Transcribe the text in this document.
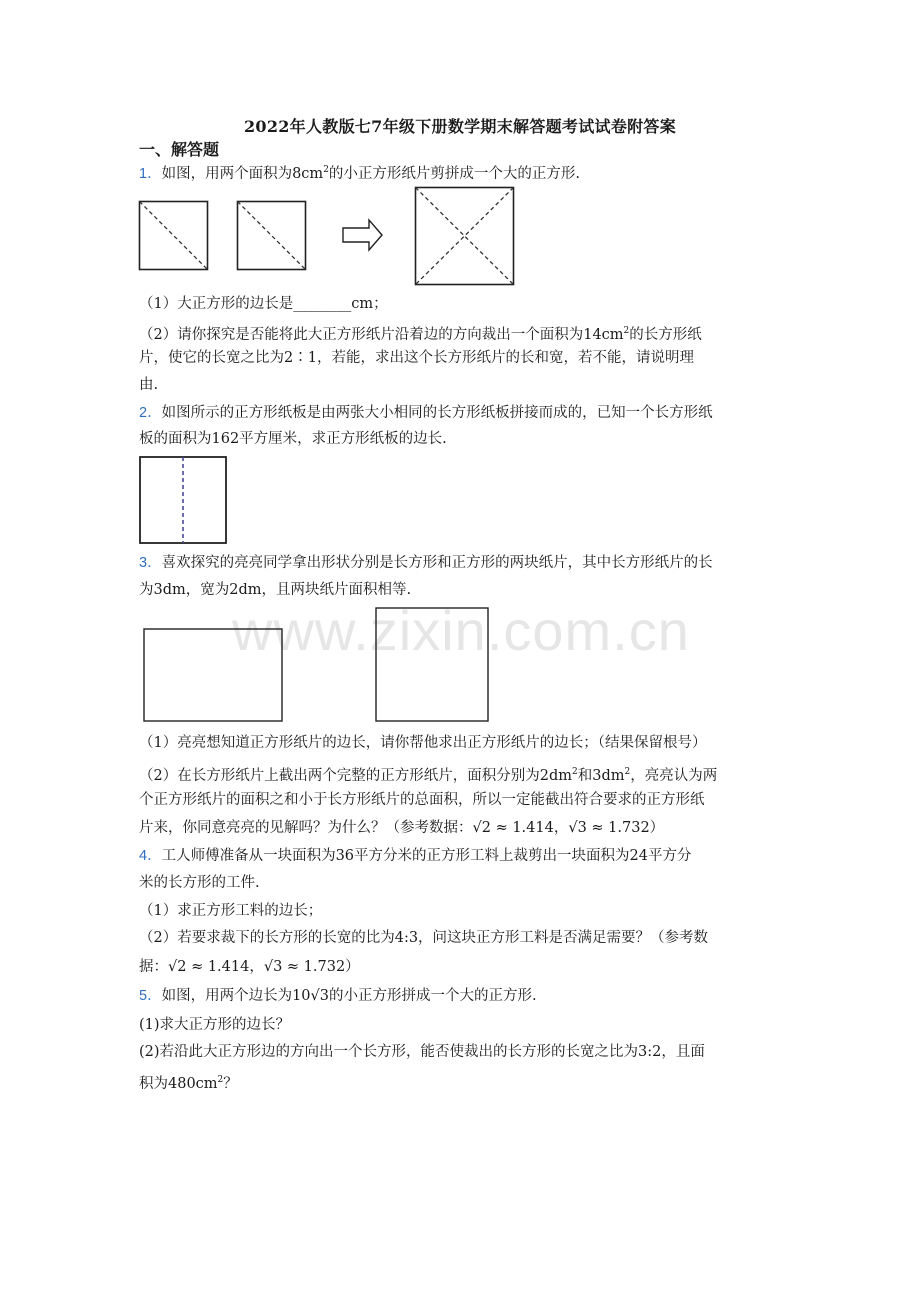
2022年人教版七7年级下册数学期末解答题考试试卷附答案
一、解答题
www.zixin.com.cn
1．如图，用两个面积为$8cm^2$的小正方形纸片剪拼成一个大的正方形.
（1）大正方形的边长是________cm；
（2）请你探究是否能将此大正方形纸片沿着边的方向裁出一个面积为$14cm^2$的长方形纸
片，使它的长宽之比为2∶1，若能，求出这个长方形纸片的长和宽，若不能，请说明理
由.
2．如图所示的正方形纸板是由两张大小相同的长方形纸板拼接而成的，已知一个长方形纸
板的面积为162平方厘米，求正方形纸板的边长.
3．喜欢探究的亮亮同学拿出形状分别是长方形和正方形的两块纸片，其中长方形纸片的长
为3dm，宽为2dm，且两块纸片面积相等.
（1）亮亮想知道正方形纸片的边长，请你帮他求出正方形纸片的边长；（结果保留根号）
（2）在长方形纸片上截出两个完整的正方形纸片，面积分别为$2dm^2$和$3dm^2$，亮亮认为两
个正方形纸片的面积之和小于长方形纸片的总面积，所以一定能截出符合要求的正方形纸
片来，你同意亮亮的见解吗？为什么？（参考数据：√2 ≈ 1.414，√3 ≈ 1.732）
4．工人师傅准备从一块面积为36平方分米的正方形工料上裁剪出一块面积为24平方分
米的长方形的工件.
（1）求正方形工料的边长；
（2）若要求裁下的长方形的长宽的比为4:3，问这块正方形工料是否满足需要？（参考数
据：√2 ≈ 1.414，√3 ≈ 1.732）
5．如图，用两个边长为10√3的小正方形拼成一个大的正方形.
(1)求大正方形的边长？
(2)若沿此大正方形边的方向出一个长方形，能否使裁出的长方形的长宽之比为3:2，且面
积为$480cm^2$？
